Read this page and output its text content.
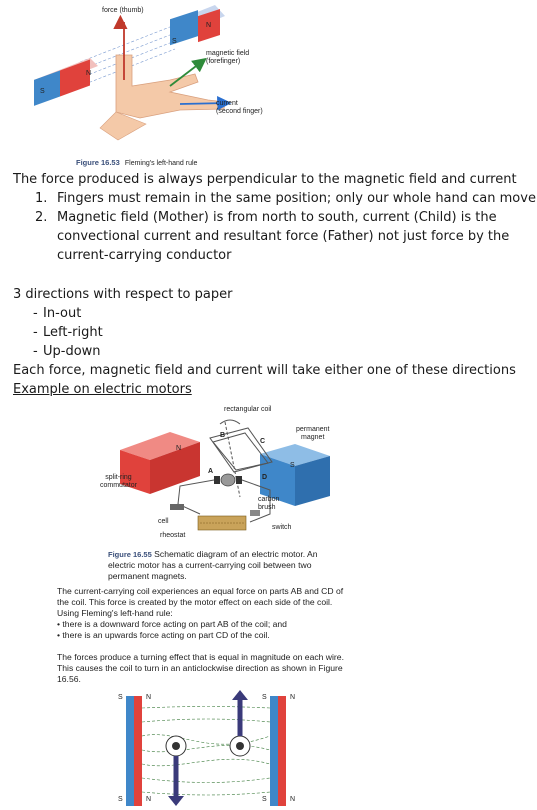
force (thumb)
magnetic field
(forefinger)
current
(second finger)
S
N
S
N
Figure 16.53 Fleming's left-hand rule
The force produced is always perpendicular to the magnetic field and current
1. Fingers must remain in the same position; only our whole hand can move
2. Magnetic field (Mother) is from north to south, current (Child) is the
convectional current and resultant force (Father) not just force by the
current-carrying conductor
3 directions with respect to paper
- In-out
- Left-right
- Up-down
Each force, magnetic field and current will take either one of these directions
Example on electric motors
rectangular coil
permanent
magnet
split-ring
commutator
carbon
brush
cell
switch
rheostat
A
B
C
D
N
S
Figure 16.55 Schematic diagram of an electric motor. An
electric motor has a current-carrying coil between two
permanent magnets.
The current-carrying coil experiences an equal force on parts AB and CD of
the coil. This force is created by the motor effect on each side of the coil.
Using Fleming's left-hand rule:
• there is a downward force acting on part AB of the coil; and
• there is an upwards force acting on part CD of the coil.
The forces produce a turning effect that is equal in magnitude on each wire.
This causes the coil to turn in an anticlockwise direction as shown in Figure
16.56.
S	N	S	N
S	N	S	N
